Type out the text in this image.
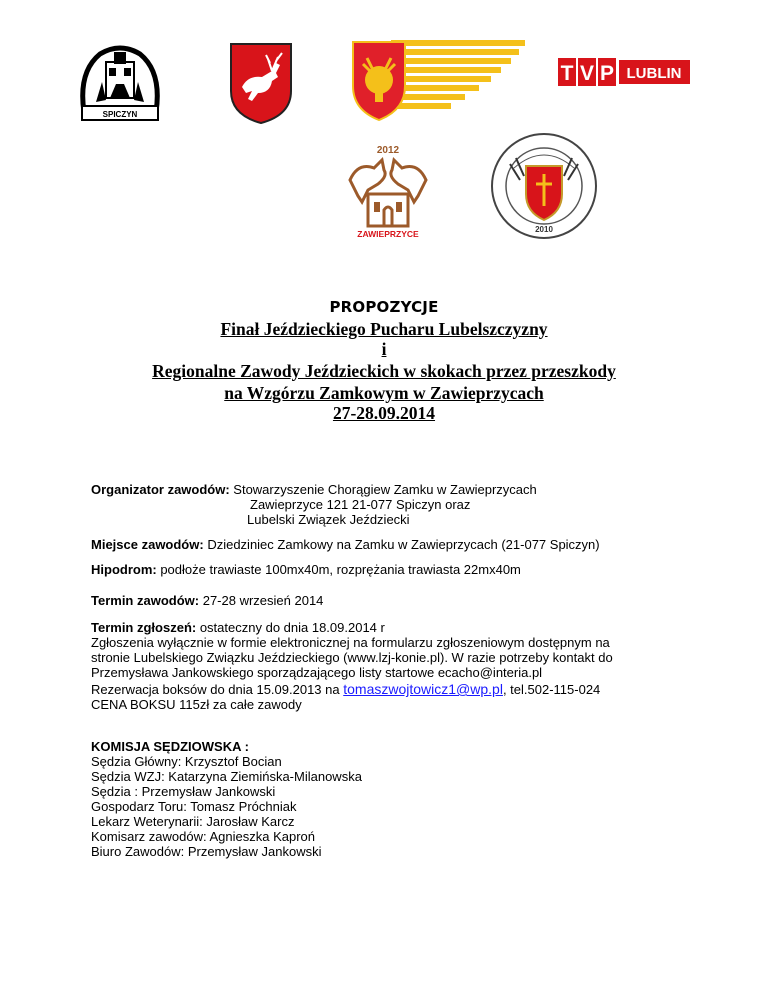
SPICZYN
T V P LUBLIN
2012
ZAWIEPRZYCE	2010
PROPOZYCJE
Finał Jeździeckiego Pucharu Lubelszczyzny
i
Regionalne Zawody Jeździeckich w skokach przez przeszkody
na Wzgórzu Zamkowym w Zawieprzycach
27-28.09.2014
Organizator zawodów: Stowarzyszenie Chorągiew Zamku w Zawieprzycach
Zawieprzyce 121 21-077 Spiczyn oraz
Lubelski Związek Jeździecki
Miejsce zawodów: Dziedziniec Zamkowy na Zamku w Zawieprzycach (21-077 Spiczyn)
Hipodrom: podłoże trawiaste 100mx40m, rozprężania trawiasta 22mx40m
Termin zawodów: 27-28 wrzesień 2014
Termin zgłoszeń: ostateczny do dnia 18.09.2014 r
Zgłoszenia wyłącznie w formie elektronicznej na formularzu zgłoszeniowym dostępnym na
stronie Lubelskiego Związku Jeździeckiego (www.lzj-konie.pl). W razie potrzeby kontakt do
Przemysława Jankowskiego sporządzającego listy startowe ecacho@interia.pl
Rezerwacja boksów do dnia 15.09.2013 na tomaszwojtowicz1@wp.pl, tel.502-115-024
CENA BOKSU 115zł za całe zawody
KOMISJA SĘDZIOWSKA :
Sędzia Główny: Krzysztof Bocian
Sędzia WZJ: Katarzyna Ziemińska-Milanowska
Sędzia : Przemysław Jankowski
Gospodarz Toru: Tomasz Próchniak
Lekarz Weterynarii: Jarosław Karcz
Komisarz zawodów: Agnieszka Kaproń
Biuro Zawodów: Przemysław Jankowski
